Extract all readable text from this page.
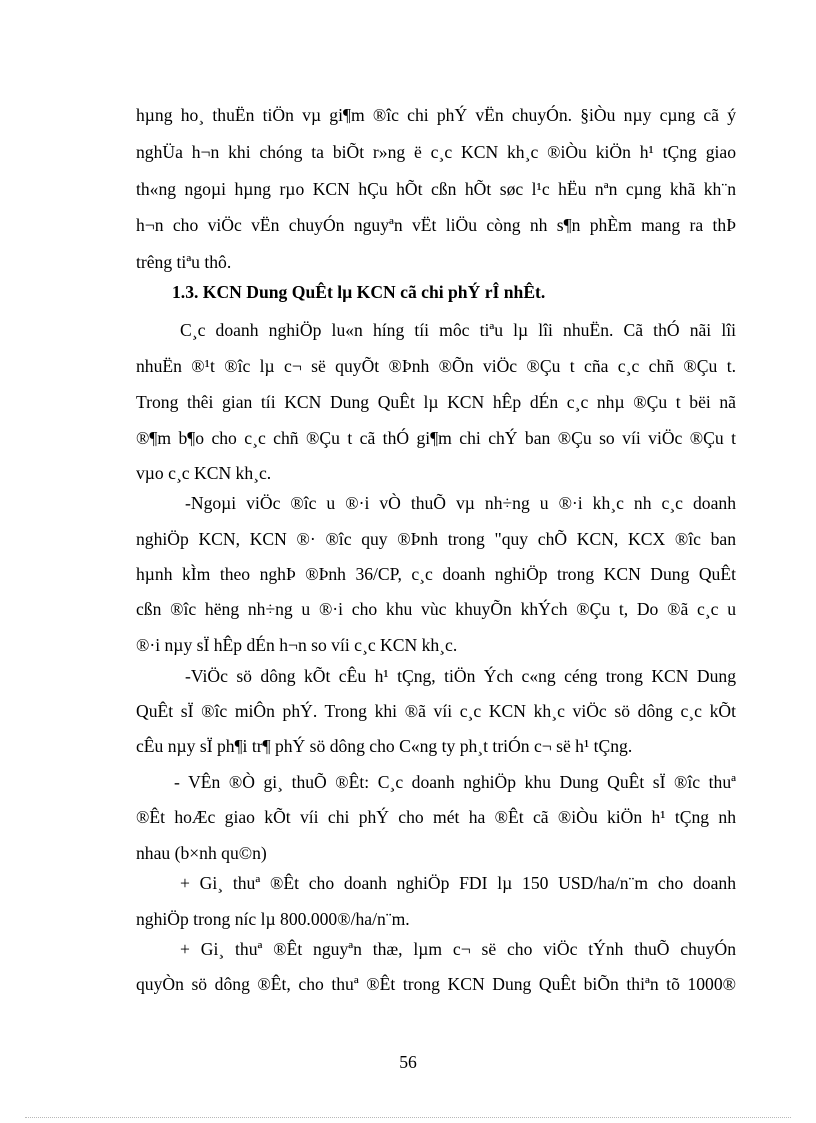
hµng ho¸ thuËn tiÖn vµ gi¶m ®îc chi phÝ vËn chuyÓn. §iÒu nµy cµng cã ý
nghÜa h¬n khi chóng ta biÕt r»ng ë c¸c KCN kh¸c ®iÒu kiÖn h¹ tÇng giao
th«ng ngoµi hµng rµo KCN hÇu hÕt cßn hÕt søc l¹c hËu nªn cµng khã kh¨n
h¬n cho viÖc vËn chuyÓn nguyªn vËt liÖu còng nh s¶n phÈm mang ra thÞ
trêng tiªu thô.
1.3. KCN Dung QuÊt lµ KCN cã chi phÝ rÎ nhÊt.
C¸c doanh nghiÖp lu«n híng tíi môc tiªu lµ lîi nhuËn. Cã thÓ nãi lîi
nhuËn ®¹t ®îc lµ c¬ së quyÕt ®Þnh ®Õn viÖc ®Çu t cña c¸c chñ ®Çu t.
Trong thêi gian tíi KCN Dung QuÊt lµ KCN hÊp dÉn c¸c nhµ ®Çu t bëi nã
®¶m b¶o cho c¸c chñ ®Çu t cã thÓ gi¶m chi chÝ ban ®Çu so víi viÖc ®Çu t
vµo c¸c KCN kh¸c.
-Ngoµi viÖc ®îc u ®·i vÒ thuÕ vµ nh÷ng u ®·i kh¸c nh c¸c doanh
nghiÖp KCN, KCN ®· ®îc quy ®Þnh trong "quy chÕ KCN, KCX ®îc ban
hµnh kÌm theo nghÞ ®Þnh 36/CP, c¸c doanh nghiÖp trong KCN Dung QuÊt
cßn ®îc hëng nh÷ng u ®·i cho khu vùc khuyÕn khÝch ®Çu t, Do ®ã c¸c u
®·i nµy sÏ hÊp dÉn h¬n so víi c¸c KCN kh¸c.
-ViÖc sö dông kÕt cÊu h¹ tÇng, tiÖn Ých c«ng céng trong KCN Dung
QuÊt sÏ ®îc miÔn phÝ. Trong khi ®ã víi c¸c KCN kh¸c viÖc sö dông c¸c kÕt
cÊu nµy sÏ ph¶i tr¶ phÝ sö dông cho C«ng ty ph¸t triÓn c¬ së h¹ tÇng.
- VÊn ®Ò gi¸ thuÕ ®Êt: C¸c doanh nghiÖp khu Dung QuÊt sÏ ®îc thuª
®Êt hoÆc giao kÕt víi chi phÝ cho mét ha ®Êt cã ®iÒu kiÖn h¹ tÇng nh
nhau (b×nh qu©n)
+ Gi¸ thuª ®Êt cho doanh nghiÖp FDI lµ 150 USD/ha/n¨m cho doanh
nghiÖp trong níc lµ 800.000®/ha/n¨m.
+ Gi¸ thuª ®Êt nguyªn thæ, lµm c¬ së cho viÖc tÝnh thuÕ chuyÓn
quyÒn sö dông ®Êt, cho thuª ®Êt trong KCN Dung QuÊt biÕn thiªn tõ 1000®
56
